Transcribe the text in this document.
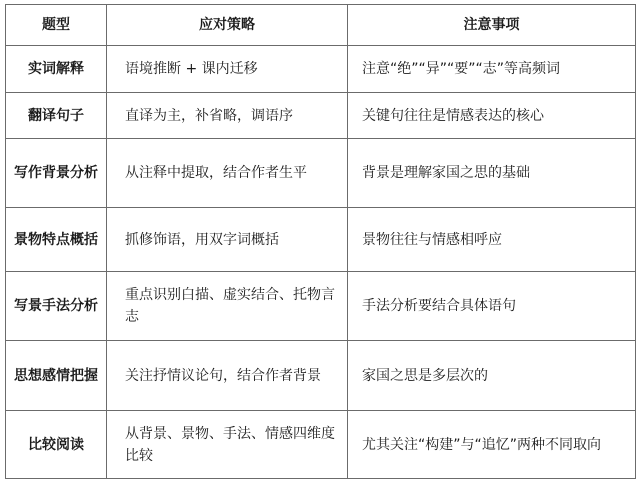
题型	应对策略	注意事项
实词解释	语境推断 + 课内迁移	注意“绝”“异”“要”“志”等高频词
翻译句子	直译为主，补省略，调语序	关键句往往是情感表达的核心
写作背景分析	从注释中提取，结合作者生平	背景是理解家国之思的基础
景物特点概括	抓修饰语，用双字词概括	景物往往与情感相呼应
写景手法分析	重点识别白描、虚实结合、托物言志	手法分析要结合具体语句
思想感情把握	关注抒情议论句，结合作者背景	家国之思是多层次的
比较阅读	从背景、景物、手法、情感四维度比较	尤其关注“构建”与“追忆”两种不同取向
